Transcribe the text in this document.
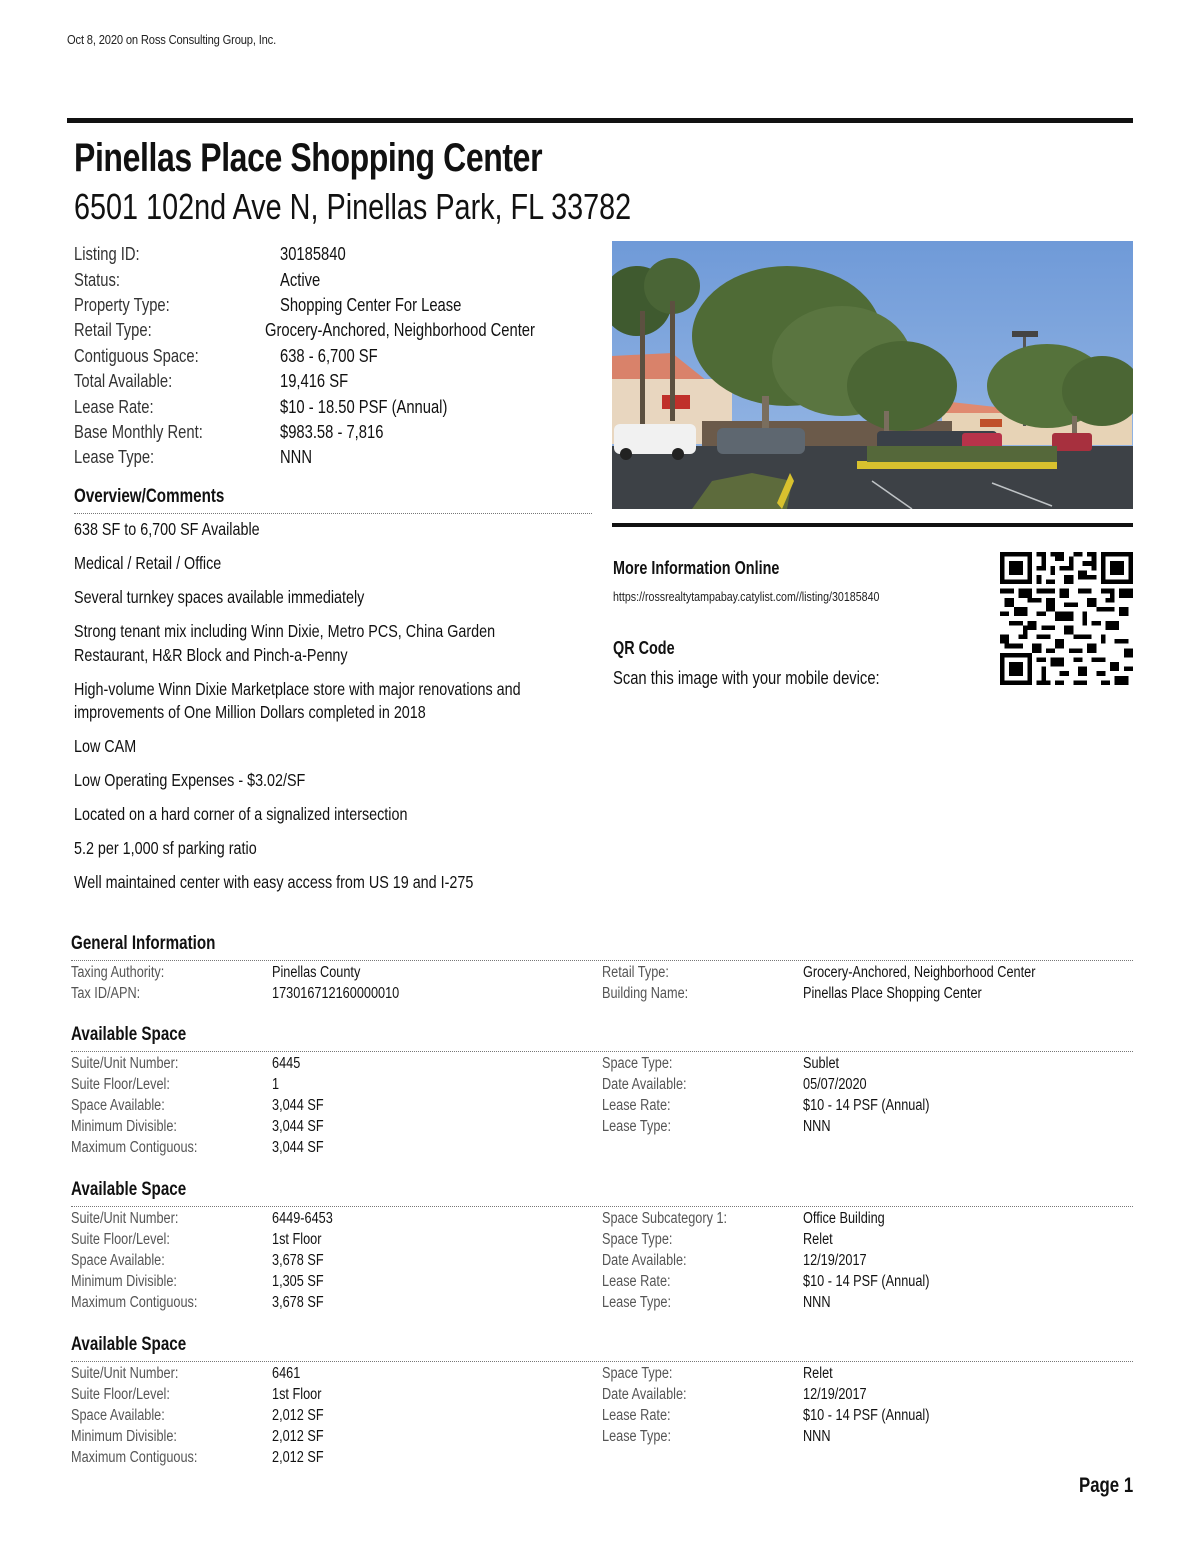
Oct 8, 2020 on Ross Consulting Group, Inc.
Pinellas Place Shopping Center
6501 102nd Ave N, Pinellas Park, FL 33782
Listing ID:	30185840
Status:	Active
Property Type:	Shopping Center For Lease
Retail Type:	Grocery-Anchored, Neighborhood Center
Contiguous Space:	638 - 6,700 SF
Total Available:	19,416 SF
Lease Rate:	$10 - 18.50 PSF (Annual)
Base Monthly Rent:	$983.58 - 7,816
Lease Type:	NNN
Overview/Comments

638 SF to 6,700 SF Available

Medical / Retail / Office

Several turnkey spaces available immediately

Strong tenant mix including Winn Dixie, Metro PCS, China Garden Restaurant, H&R Block and Pinch-a-Penny

High-volume Winn Dixie Marketplace store with major renovations and improvements of One Million Dollars completed in 2018

Low CAM

Low Operating Expenses - $3.02/SF

Located on a hard corner of a signalized intersection

5.2 per 1,000 sf parking ratio

Well maintained center with easy access from US 19 and I-275

More Information Online
https://rossrealtytampabay.catylist.com//listing/30185840
QR Code
Scan this image with your mobile device:
General Information
Taxing Authority:	Pinellas County
Tax ID/APN:	173016712160000010
Retail Type:	Grocery-Anchored, Neighborhood Center
Building Name:	Pinellas Place Shopping Center
Available Space
Suite/Unit Number:	6445
Suite Floor/Level:	1
Space Available:	3,044 SF
Minimum Divisible:	3,044 SF
Maximum Contiguous:	3,044 SF
Space Type:	Sublet
Date Available:	05/07/2020
Lease Rate:	$10 - 14 PSF (Annual)
Lease Type:	NNN
Available Space
Suite/Unit Number:	6449-6453
Suite Floor/Level:	1st Floor
Space Available:	3,678 SF
Minimum Divisible:	1,305 SF
Maximum Contiguous:	3,678 SF
Space Subcategory 1:	Office Building
Space Type:	Relet
Date Available:	12/19/2017
Lease Rate:	$10 - 14 PSF (Annual)
Lease Type:	NNN
Available Space
Suite/Unit Number:	6461
Suite Floor/Level:	1st Floor
Space Available:	2,012 SF
Minimum Divisible:	2,012 SF
Maximum Contiguous:	2,012 SF
Space Type:	Relet
Date Available:	12/19/2017
Lease Rate:	$10 - 14 PSF (Annual)
Lease Type:	NNN
Page 1
